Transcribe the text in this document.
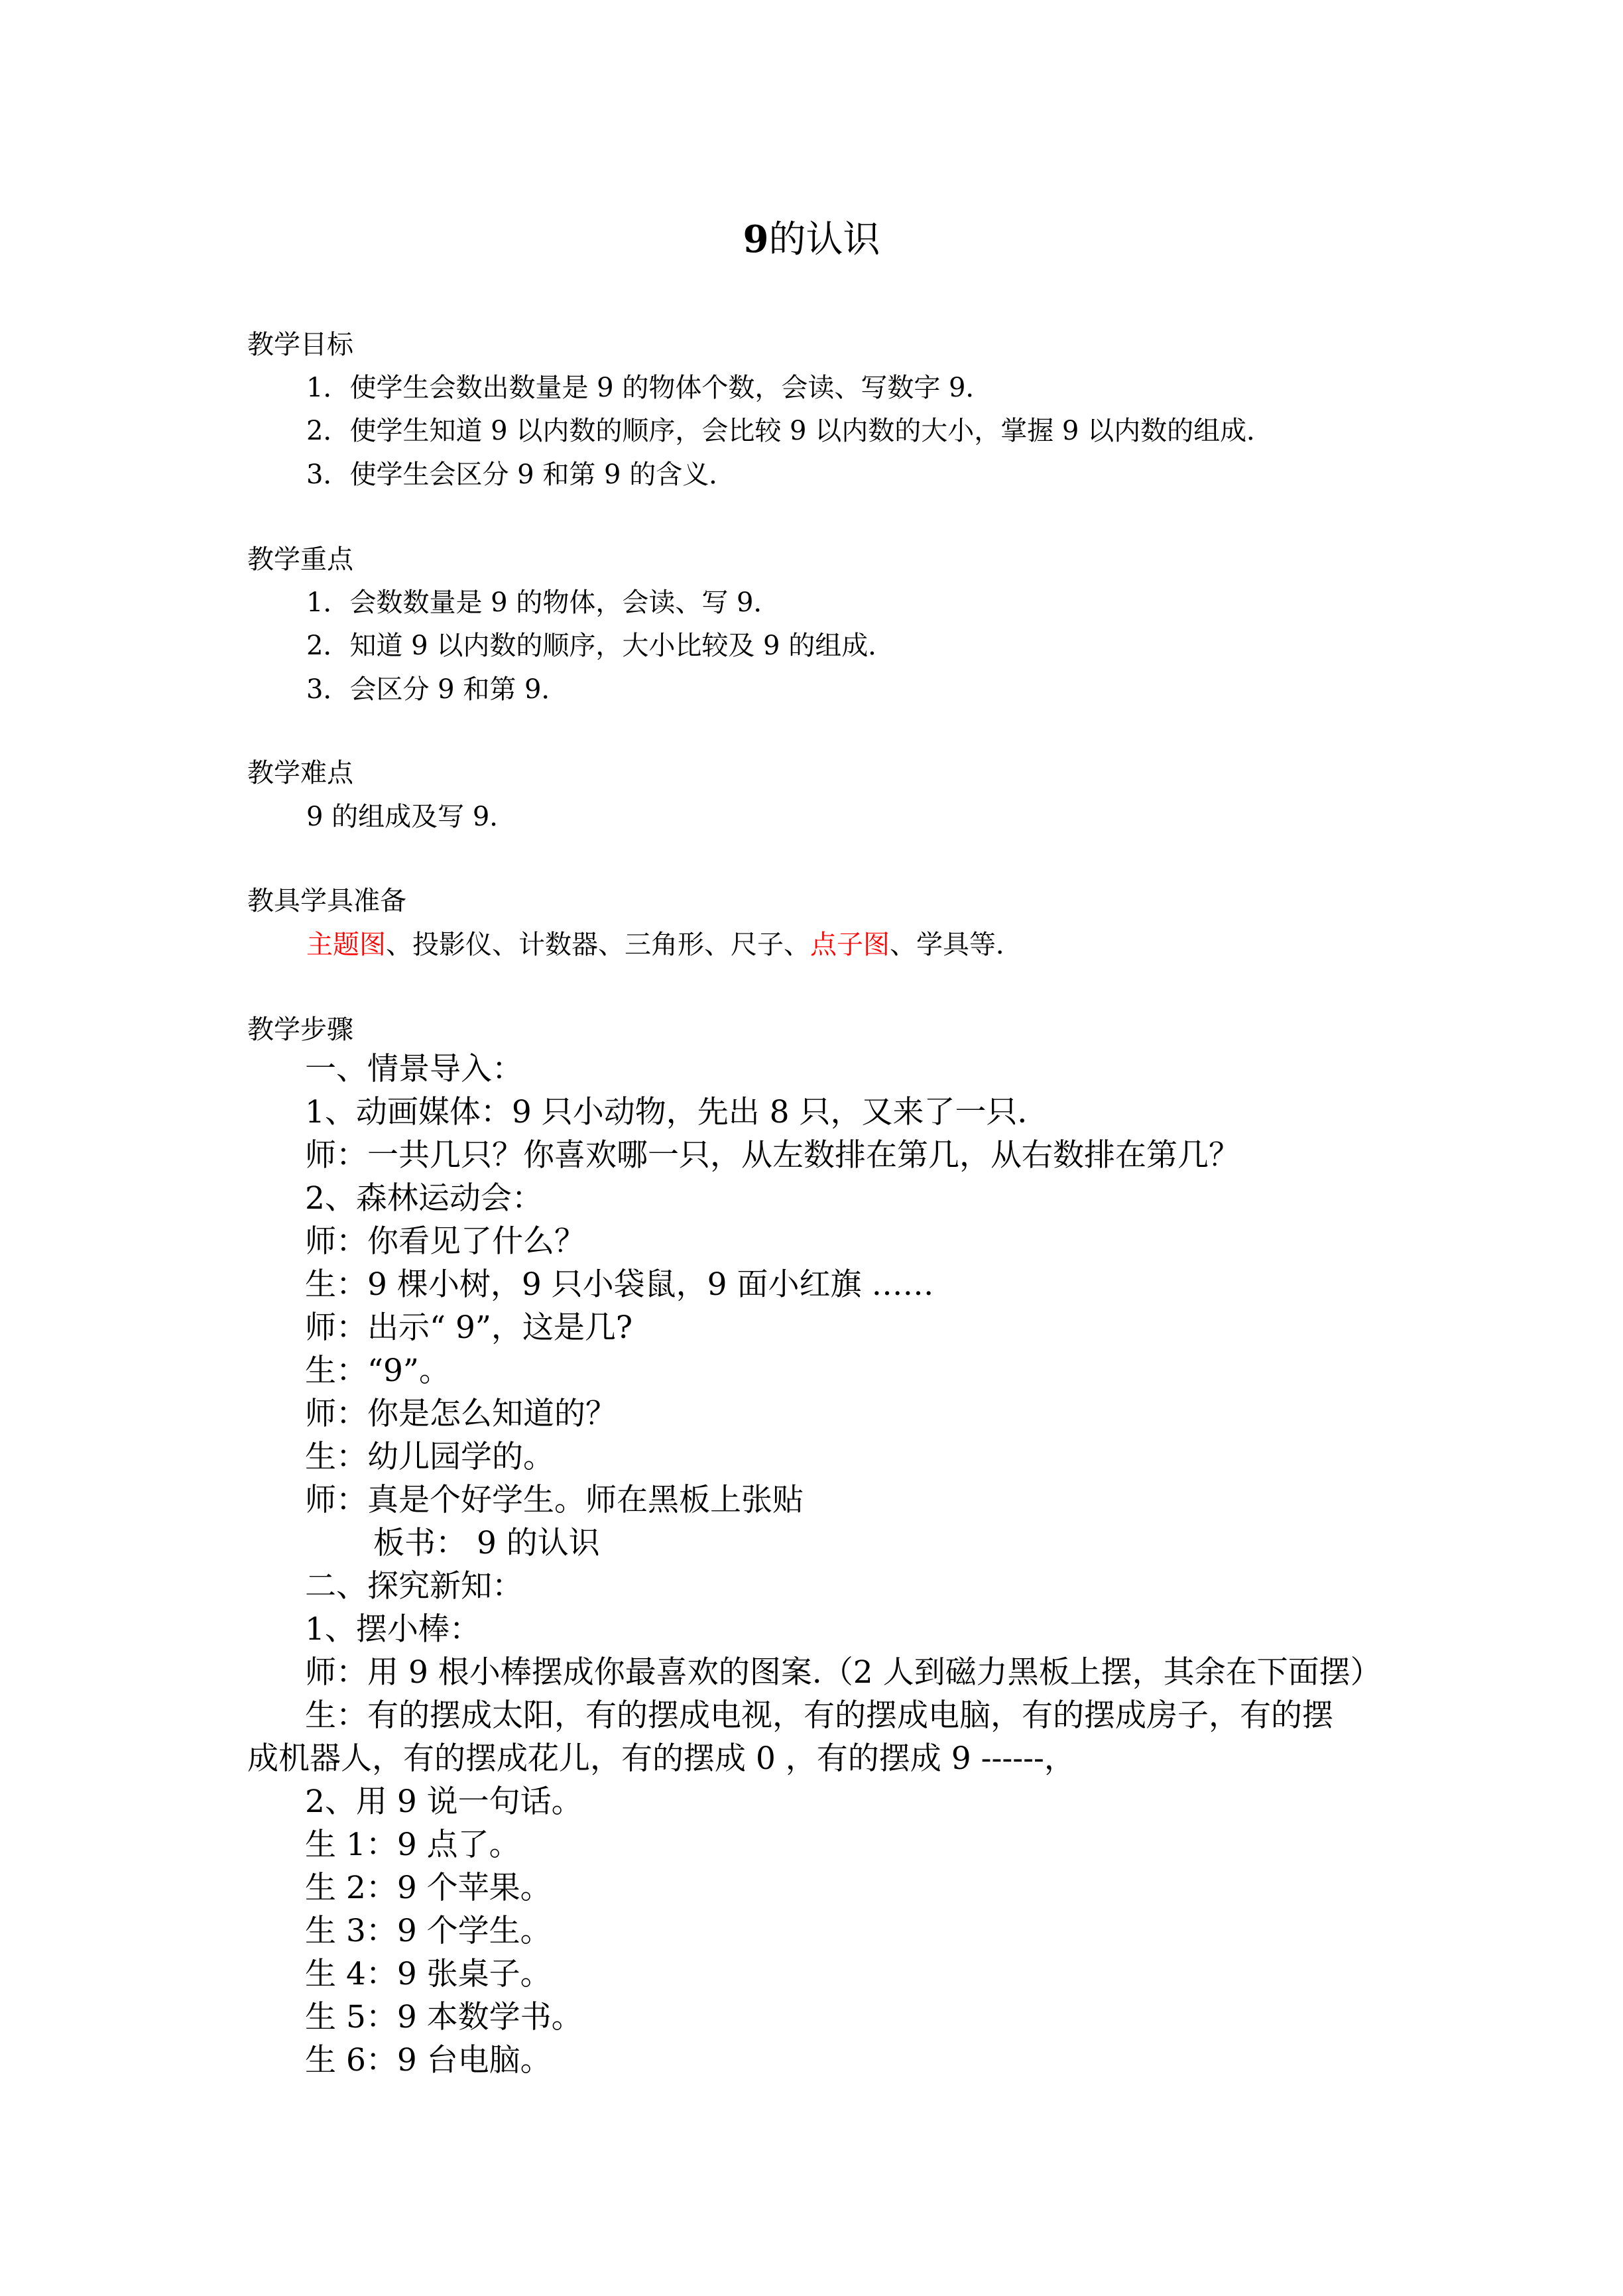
9的认识
教学目标
1．使学生会数出数量是 9 的物体个数，会读、写数字 9．
2．使学生知道 9 以内数的顺序，会比较 9 以内数的大小，掌握 9 以内数的组成．
3．使学生会区分 9 和第 9 的含义．
教学重点
1．会数数量是 9 的物体，会读、写 9．
2．知道 9 以内数的顺序，大小比较及 9 的组成．
3．会区分 9 和第 9．
教学难点
9 的组成及写 9．
教具学具准备
主题图、投影仪、计数器、三角形、尺子、点子图、学具等．
教学步骤
一、情景导入：
1、动画媒体：9 只小动物，先出 8 只，又来了一只．
师：一共几只？你喜欢哪一只，从左数排在第几，从右数排在第几？
2、森林运动会：
师：你看见了什么？
生：9 棵小树，9 只小袋鼠，9 面小红旗 ……
师：出示“ 9”，这是几?
生：“9”。
师：你是怎么知道的？
生：幼儿园学的。
师：真是个好学生。师在黑板上张贴
板书： 9 的认识
二、探究新知：
1、摆小棒：
师：用 9 根小棒摆成你最喜欢的图案.（2 人到磁力黑板上摆，其余在下面摆）
生：有的摆成太阳，有的摆成电视，有的摆成电脑，有的摆成房子，有的摆
成机器人，有的摆成花儿，有的摆成 0 ，有的摆成 9 ------，
2、用 9 说一句话。
生 1：9 点了。
生 2：9 个苹果。
生 3：9 个学生。
生 4：9 张桌子。
生 5：9 本数学书。
生 6：9 台电脑。
